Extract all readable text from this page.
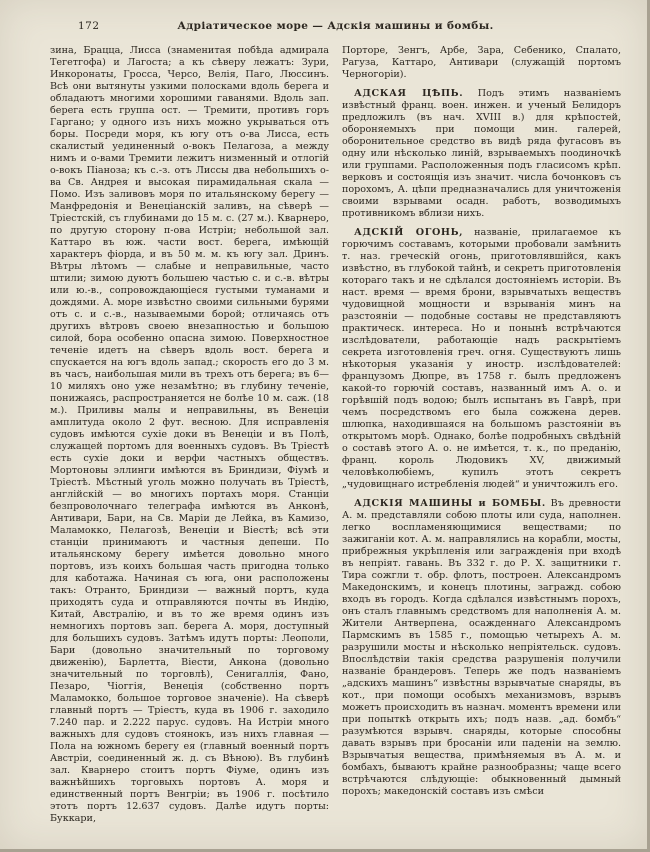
172	Адріатическое море — Адскія машины и бомбы.

зина, Брацца, Лисса (знаменитая побѣда адмирала Тегетгофа) и Лагоста; а къ сѣверу лежатъ: Зури, Инкоронаты, Гросса, Черсо, Велія, Паго, Люссинъ. Всѣ они вытянуты узкими полосками вдоль берега и обладаютъ многими хорошими гаванями. Вдоль зап. берега есть группа ост. — Тремити, противъ горъ Гаргано; у одного изъ нихъ можно укрываться отъ боры. Посреди моря, къ югу отъ о-ва Лисса, есть скалистый уединенный о-вокъ Пелагоза, а между нимъ и о-вами Тремити лежитъ низменный и отлогій о-вокъ Піаноза; къ с.-з. отъ Лиссы два небольшихъ о-ва Св. Андрея и высокая пирамидальная скала — Помо. Изъ заливовъ моря по итальянскому берегу — Манфредонія и Венеціанскій заливъ, на сѣверѣ — Тріестскій, съ глубинами до 15 м. с. (27 м.). Кварнеро, по другую сторону п-ова Истріи; небольшой зал. Каттаро въ юж. части вост. берега, имѣющій характеръ фіорда, и въ 50 м. м. къ югу зал. Дринъ. Вѣтры лѣтомъ — слабые и неправильные, часто штили; зимою дуютъ большею частью с. и с.-в. вѣтры или ю.-в., сопровождающіеся густыми туманами и дождями. А. море извѣстно своими сильными бурями отъ с. и с.-в., называемыми борой; отличаясь отъ другихъ вѣтровъ своею внезапностью и большою силой, бора особенно опасна зимою. Поверхностное теченіе идетъ на сѣверъ вдоль вост. берега и спускается на югъ вдоль запад.; скорость его до 3 м. въ часъ, наибольшая мили въ трехъ отъ берега; въ 6—10 миляхъ оно уже незамѣтно; въ глубину теченіе, понижаясь, распространяется не болѣе 10 м. саж. (18 м.). Приливы малы и неправильны, въ Венеціи амплитуда около 2 фут. весною. Для исправленія судовъ имѣются сухіе доки въ Венеціи и въ Полѣ, служащей портомъ для военныхъ судовъ. Въ Тріестѣ есть сухіе доки и верфи частныхъ обществъ. Мортоновы эллинги имѣются въ Бриндизи, Фіумѣ и Тріестѣ. Мѣстный уголь можно получать въ Тріестѣ, англійскій — во многихъ портахъ моря. Станціи безпроволочнаго телеграфа имѣются въ Анконѣ, Антивари, Бари, на Св. Маріи де Лейка, въ Камизо, Маламокко, Пелагозѣ, Венеціи и Віестѣ; всѣ эти станціи принимаютъ и частныя депеши. По итальянскому берегу имѣется довольно много портовъ, изъ коихъ большая часть пригодна только для каботажа. Начиная съ юга, они расположены такъ: Отранто, Бриндизи — важный портъ, куда приходятъ суда и отправляются почты въ Индію, Китай, Австралію, и въ то же время одинъ изъ немногихъ портовъ зап. берега А. моря, доступный для большихъ судовъ. Затѣмъ идутъ порты: Леополи, Бари (довольно значительный по торговому движенію), Барлетта, Віести, Анкона (довольно значительный по торговлѣ), Сенигаллія, Фано, Пезаро, Чіоггія, Венеція (собственно портъ Маламокко, большое торговое значеніе). На сѣверѣ главный портъ — Тріестъ, куда въ 1906 г. заходило 7.240 пар. и 2.222 парус. судовъ. На Истріи много важныхъ для судовъ стоянокъ, изъ нихъ главная — Пола на южномъ берегу ея (главный военный портъ Австріи, соединенный ж. д. съ Вѣною). Въ глубинѣ зал. Кварнеро стоитъ портъ Фіуме, одинъ изъ важнѣйшихъ торговыхъ портовъ А. моря и единственный портъ Венгріи; въ 1906 г. посѣтило этотъ портъ 12.637 судовъ. Далѣе идутъ порты: Буккари,

Порторе, Зенгъ, Арбе, Зара, Себенико, Спалато, Рагуза, Каттаро, Антивари (служащій портомъ Черногоріи).

АДСКАЯ ЦѢПЬ. Подъ этимъ названіемъ извѣстный франц. воен. инжен. и ученый Белидоръ предложилъ (въ нач. XVIII в.) для крѣпостей, обороняемыхъ при помощи мин. галерей, оборонительное средство въ видѣ ряда фугасовъ въ одну или нѣсколько линій, взрываемыхъ поодиночкѣ или группами. Расположенныя подъ гласисомъ крѣп. верковъ и состоящія изъ значит. числа бочонковъ съ порохомъ, А. цѣпи предназначались для уничтоженія своими взрывами осадн. работъ, возводимыхъ противникомъ вблизи нихъ.

АДСКІЙ ОГОНЬ, названіе, прилагаемое къ горючимъ составамъ, которыми пробовали замѣнить т. наз. греческій огонь, приготовлявшійся, какъ извѣстно, въ глубокой тайнѣ, и секретъ приготовленія котораго такъ и не сдѣлался достояніемъ исторіи. Въ наст. время — время брони, взрывчатыхъ веществъ чудовищной мощности и взрыванія минъ на разстояніи — подобные составы не представляютъ практическ. интереса. Но и понынѣ встрѣчаются изслѣдователи, работающіе надъ раскрытіемъ секрета изготовленія греч. огня. Существуютъ лишь нѣкоторыя указанія у иностр. изслѣдователей: французомъ Дюпре, въ 1758 г. былъ предложенъ какой-то горючій составъ, названный имъ А. о. и горѣвшій подъ водою; былъ испытанъ въ Гаврѣ, при чемъ посредствомъ его была сожжена дерев. шлюпка, находившаяся на большомъ разстояніи въ открытомъ морѣ. Однако, болѣе подробныхъ свѣдѣній о составѣ этого А. о. не имѣется, т. к., по преданію, франц. король Людовикъ XV, движимый человѣколюбіемъ, купилъ этотъ секретъ „чудовищнаго истребленія людей“ и уничтожилъ его.

АДСКІЯ МАШИНЫ и БОМБЫ. Въ древности А. м. представляли собою плоты или суда, наполнен. легко воспламеняющимися веществами; по зажиганіи кот. А. м. направлялись на корабли, мосты, прибрежныя укрѣпленія или загражденія при входѣ въ непріят. гавань. Въ 332 г. до Р. X. защитники г. Тира сожгли т. обр. флотъ, построен. Александромъ Македонскимъ, и конецъ плотины, загражд. собою входъ въ городъ. Когда сдѣлался извѣстнымъ порохъ, онъ сталъ главнымъ средствомъ для наполненія А. м. Жители Антверпена, осажденнаго Александромъ Пармскимъ въ 1585 г., помощью четырехъ А. м. разрушили мосты и нѣсколько непріятельск. судовъ. Впослѣдствіи такія средства разрушенія получили названіе брандеровъ. Теперь же подъ названіемъ „адскихъ машинъ“ извѣстны взрывчатые снаряды, въ кот., при помощи особыхъ механизмовъ, взрывъ можетъ происходить въ назнач. моментъ времени или при попыткѣ открыть ихъ; подъ назв. „ад. бомбъ“ разумѣются взрывч. снаряды, которые способны давать взрывъ при бросаніи или паденіи на землю. Взрывчатыя вещества, примѣняемыя въ А. м. и бомбахъ, бываютъ крайне разнообразны; чаще всего встрѣчаются слѣдующіе: обыкновенный дымный порохъ; македонскій составъ изъ смѣси
